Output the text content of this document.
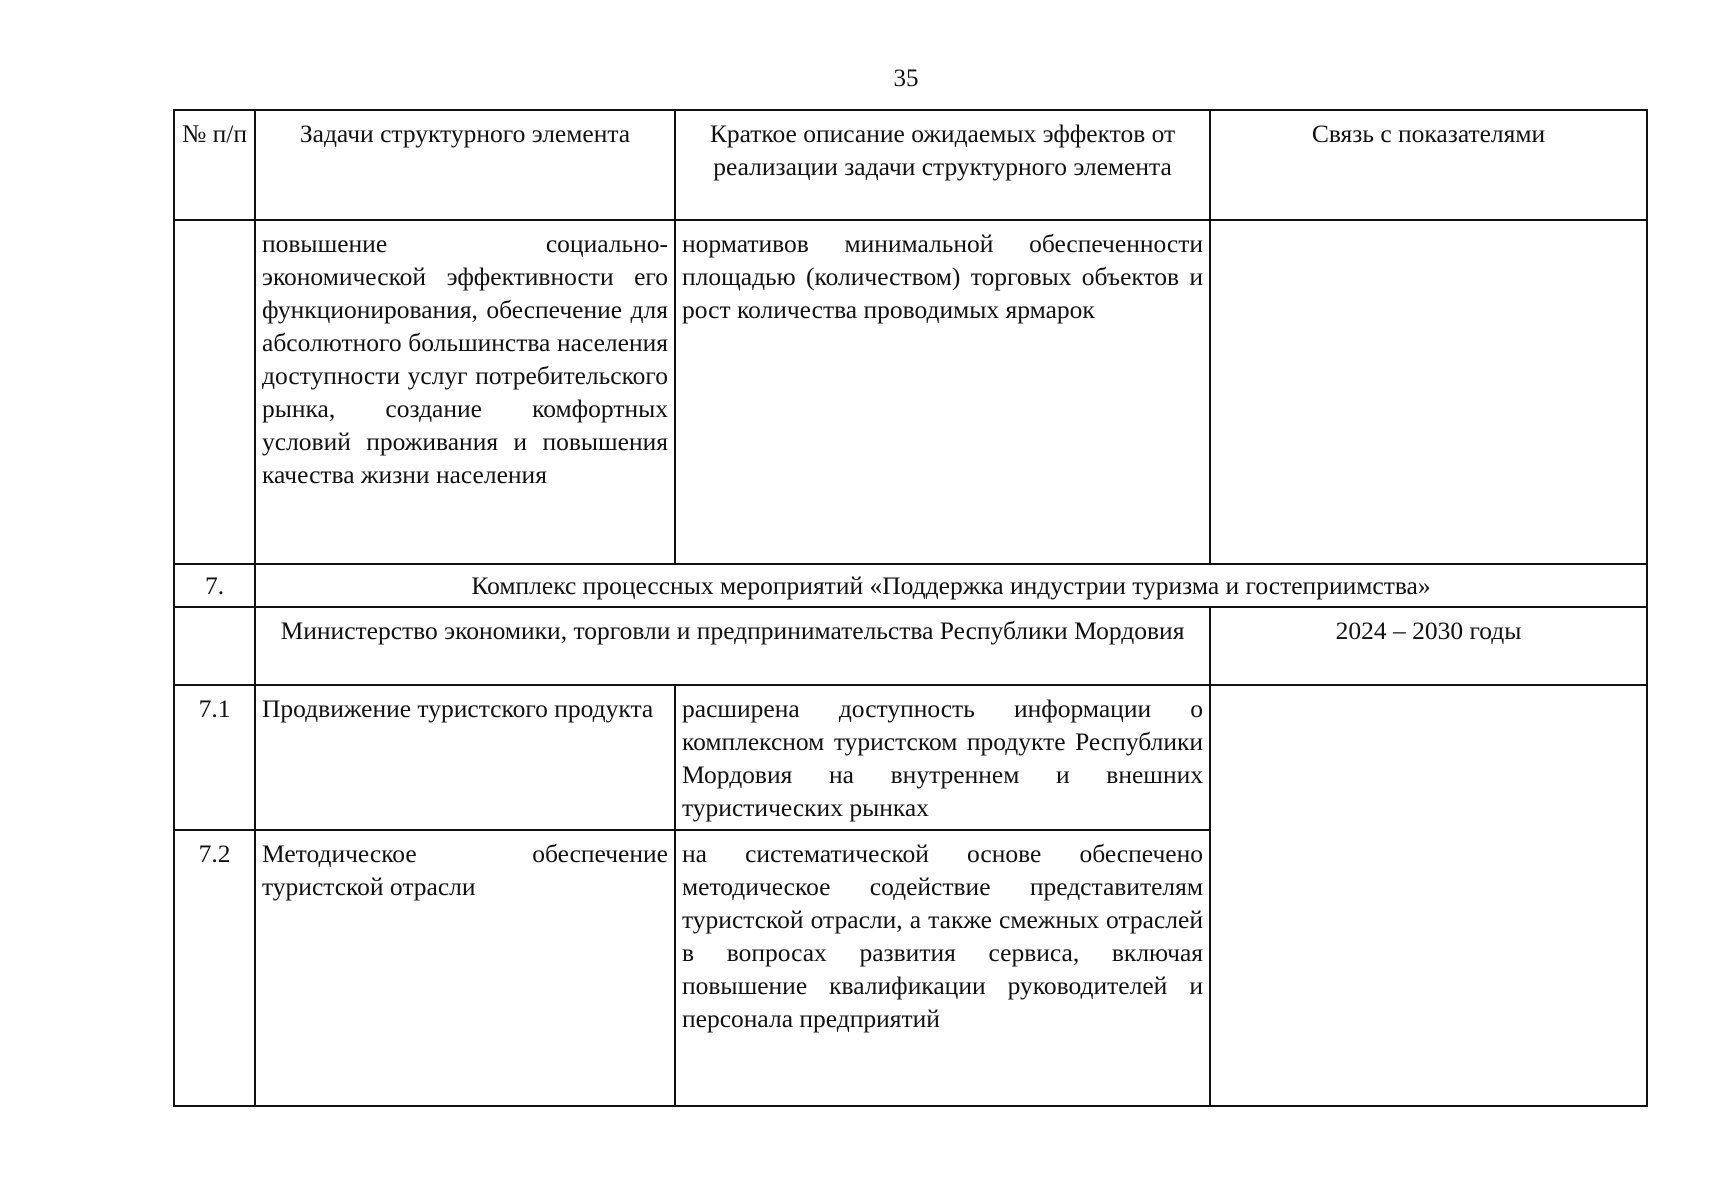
35
№ п/п	Задачи структурного элемента	Краткое описание ожидаемых эффектов от реализации задачи структурного элемента	Связь с показателями
	повышение социально-экономической эффективности его функционирования, обеспечение для абсолютного большинства населения доступности услуг потребительского рынка, создание комфортных условий проживания и повышения качества жизни населения	нормативов минимальной обеспеченности площадью (количеством) торговых объектов и рост количества проводимых ярмарок	
7.	Комплекс процессных мероприятий «Поддержка индустрии туризма и гостеприимства»		
	Министерство экономики, торговли и предпринимательства Республики Мордовия		2024 – 2030 годы
7.1	Продвижение туристского продукта	расширена доступность информации о комплексном туристском продукте Республики Мордовия на внутреннем и внешних туристических рынках	
7.2	Методическое обеспечение туристской отрасли	на систематической основе обеспечено методическое содействие представителям туристской отрасли, а также смежных отраслей в вопросах развития сервиса, включая повышение квалификации руководителей и персонала предприятий	
